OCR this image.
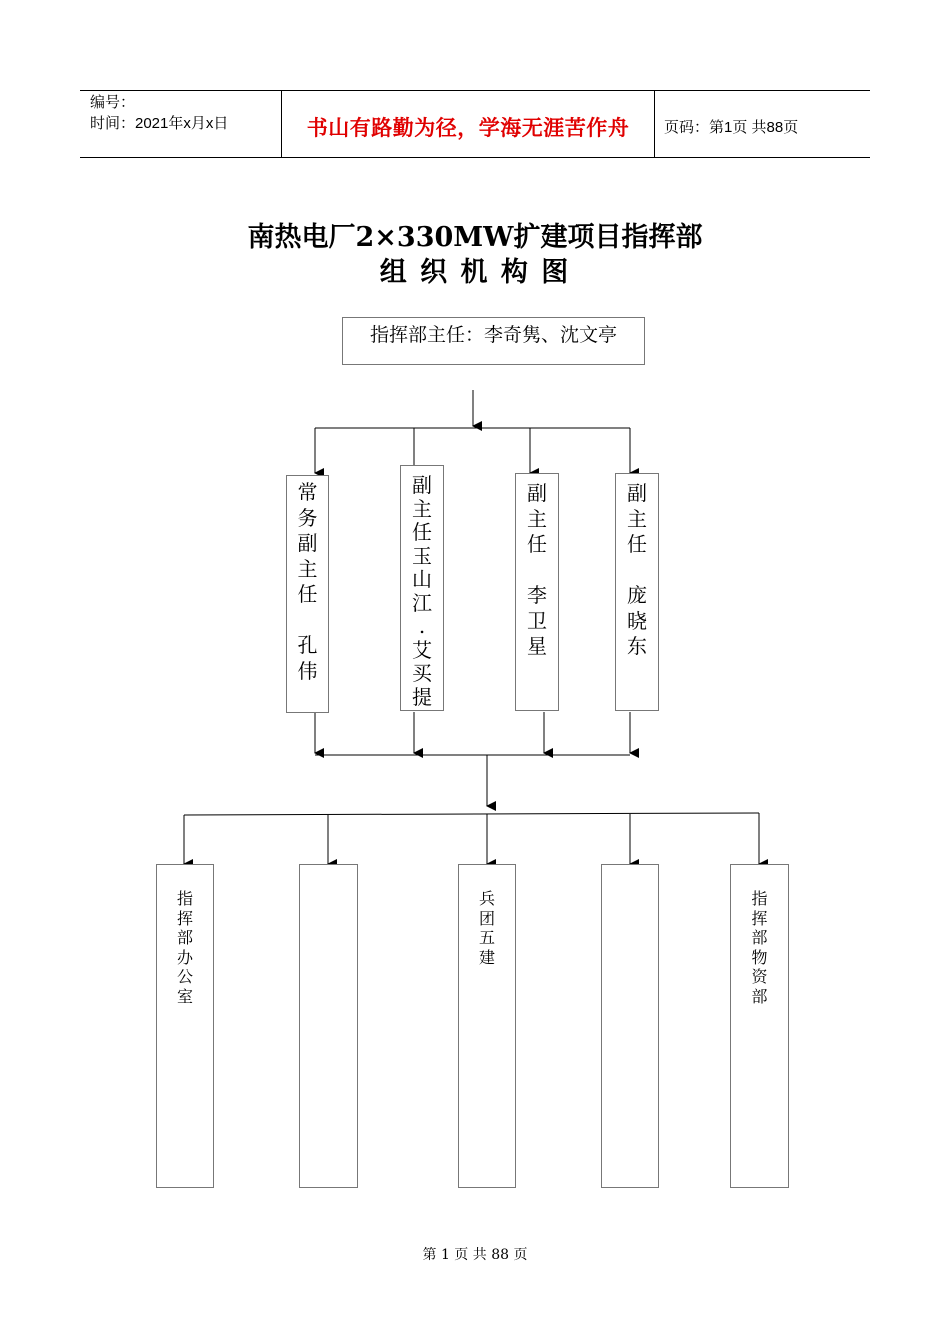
编号：
时间：2021年x月x日	书山有路勤为径，学海无涯苦作舟	页码：第1页 共88页
南热电厂2×330MW扩建项目指挥部
组 织 机 构 图
指挥部主任：李奇隽、沈文亭
常
务
副
主
任

孔
伟
副
主
任
玉
山
江
.
艾
买
提
副
主
任

李
卫
星
副
主
任

庞
晓
东
指
挥
部
办
公
室
兵
团
五
建
指
挥
部
物
资
部
第 1 页 共 88 页
